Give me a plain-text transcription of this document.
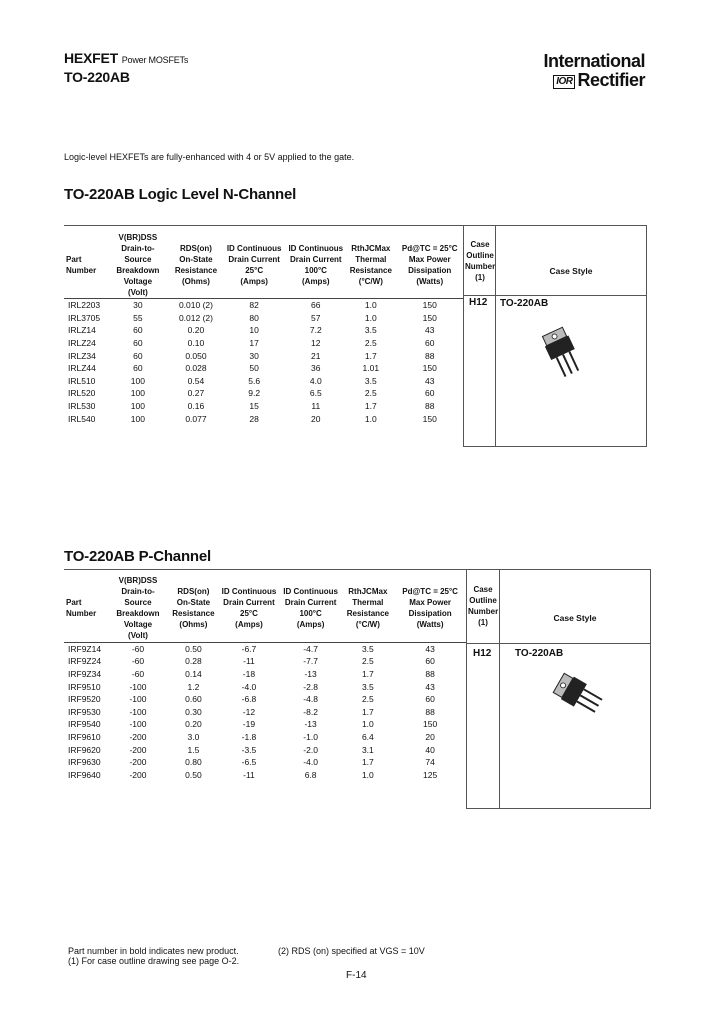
HEXFET Power MOSFETs
TO-220AB
International
IOR Rectifier
Logic-level HEXFETs are fully-enhanced with 4 or 5V applied to the gate.
TO-220AB Logic Level N-Channel
Part
Number	V(BR)DSS
Drain-to-Source
Breakdown
Voltage
(Volt)	RDS(on)
On-State
Resistance
(Ohms)	ID Continuous
Drain Current
25°C
(Amps)	ID Continuous
Drain Current
100°C
(Amps)	RthJCMax
Thermal
Resistance
(°C/W)	Pd@TC = 25°C
Max Power
Dissipation
(Watts)
IRL2203	30	0.010 (2)	82	66	1.0	150
IRL3705	55	0.012 (2)	80	57	1.0	150
IRLZ14	60	0.20	10	7.2	3.5	43
IRLZ24	60	0.10	17	12	2.5	60
IRLZ34	60	0.050	30	21	1.7	88
IRLZ44	60	0.028	50	36	1.01	150
IRL510	100	0.54	5.6	4.0	3.5	43
IRL520	100	0.27	9.2	6.5	2.5	60
IRL530	100	0.16	15	11	1.7	88
IRL540	100	0.077	28	20	1.0	150
Case
Outline
Number
(1)
Case Style
H12 TO-220AB
TO-220AB P-Channel
Part
Number	V(BR)DSS
Drain-to-Source
Breakdown
Voltage
(Volt)	RDS(on)
On-State
Resistance
(Ohms)	ID Continuous
Drain Current
25°C
(Amps)	ID Continuous
Drain Current
100°C
(Amps)	RthJCMax
Thermal
Resistance
(°C/W)	Pd@TC = 25°C
Max Power
Dissipation
(Watts)
IRF9Z14	-60	0.50	-6.7	-4.7	3.5	43
IRF9Z24	-60	0.28	-11	-7.7	2.5	60
IRF9Z34	-60	0.14	-18	-13	1.7	88
IRF9510	-100	1.2	-4.0	-2.8	3.5	43
IRF9520	-100	0.60	-6.8	-4.8	2.5	60
IRF9530	-100	0.30	-12	-8.2	1.7	88
IRF9540	-100	0.20	-19	-13	1.0	150
IRF9610	-200	3.0	-1.8	-1.0	6.4	20
IRF9620	-200	1.5	-3.5	-2.0	3.1	40
IRF9630	-200	0.80	-6.5	-4.0	1.7	74
IRF9640	-200	0.50	-11	6.8	1.0	125
Case
Outline
Number
(1)	Case Style
H12 TO-220AB
Part number in bold indicates new product.
(1) For case outline drawing see page O-2.
(2) RDS (on) specified at VGS = 10V
F-14
